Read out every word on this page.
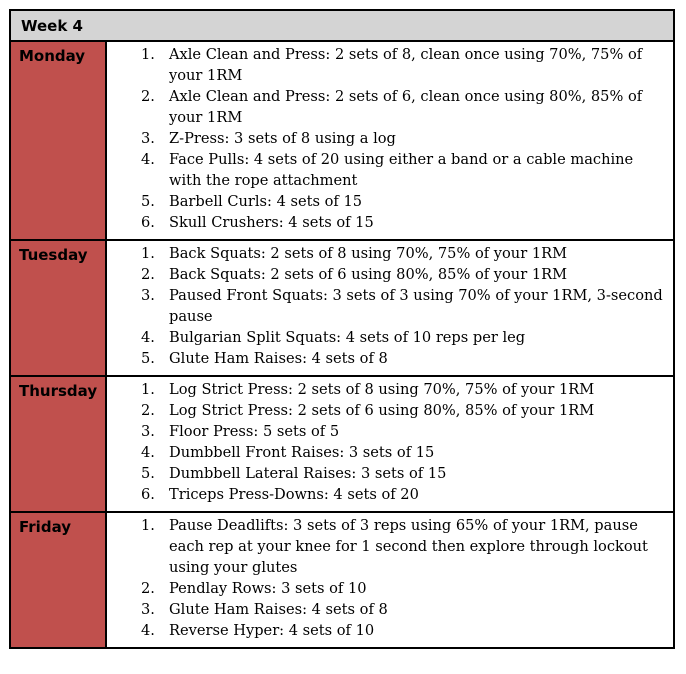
Week 4
Monday	1. Axle Clean and Press: 2 sets of 8, clean once using 70%, 75% of your 1RM
2. Axle Clean and Press: 2 sets of 6, clean once using 80%, 85% of your 1RM
3. Z-Press: 3 sets of 8 using a log
4. Face Pulls: 4 sets of 20 using either a band or a cable machine with the rope attachment
5. Barbell Curls: 4 sets of 15
6. Skull Crushers: 4 sets of 15
Tuesday	1. Back Squats: 2 sets of 8 using 70%, 75% of your 1RM
2. Back Squats: 2 sets of 6 using 80%, 85% of your 1RM
3. Paused Front Squats: 3 sets of 3 using 70% of your 1RM, 3-second pause
4. Bulgarian Split Squats: 4 sets of 10 reps per leg
5. Glute Ham Raises: 4 sets of 8
Thursday	1. Log Strict Press: 2 sets of 8 using 70%, 75% of your 1RM
2. Log Strict Press: 2 sets of 6 using 80%, 85% of your 1RM
3. Floor Press: 5 sets of 5
4. Dumbbell Front Raises: 3 sets of 15
5. Dumbbell Lateral Raises: 3 sets of 15
6. Triceps Press-Downs: 4 sets of 20
Friday	1. Pause Deadlifts: 3 sets of 3 reps using 65% of your 1RM, pause each rep at your knee for 1 second then explore through lockout using your glutes
2. Pendlay Rows: 3 sets of 10
3. Glute Ham Raises: 4 sets of 8
4. Reverse Hyper: 4 sets of 10
